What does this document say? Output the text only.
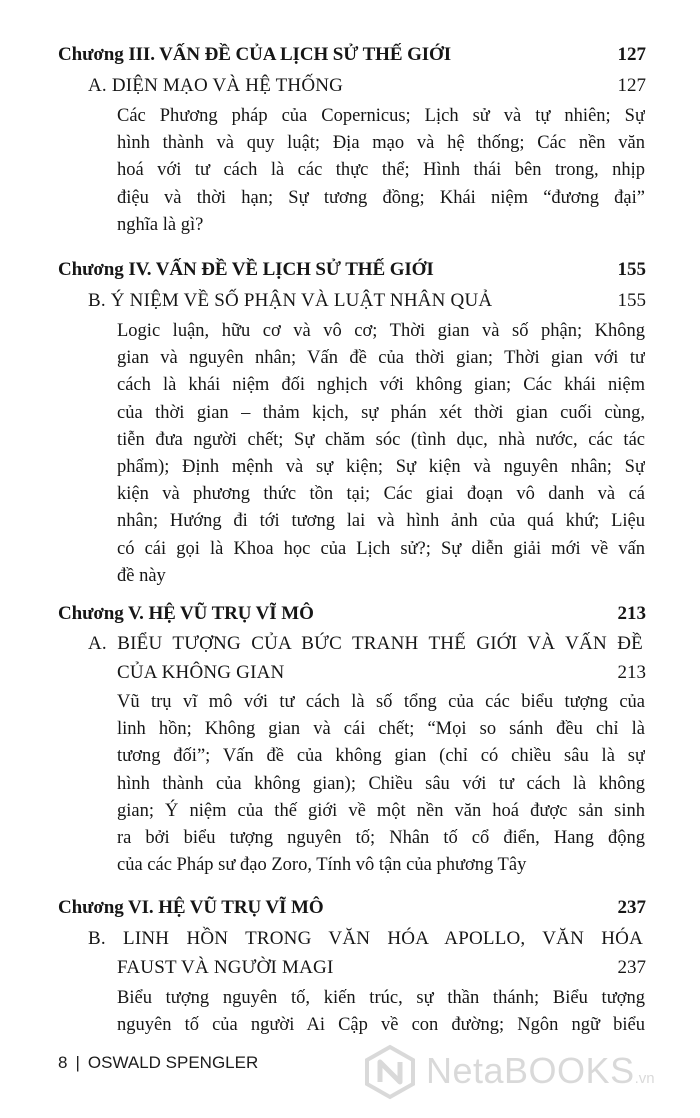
Chương III. VẤN ĐỀ CỦA LỊCH SỬ THẾ GIỚI	127
A. DIỆN MẠO VÀ HỆ THỐNG	127
Các Phương pháp của Copernicus; Lịch sử và tự nhiên; Sự
hình thành và quy luật; Địa mạo và hệ thống; Các nền văn
hoá với tư cách là các thực thể; Hình thái bên trong, nhịp
điệu và thời hạn; Sự tương đồng; Khái niệm “đương đại”
nghĩa là gì?
Chương IV. VẤN ĐỀ VỀ LỊCH SỬ THẾ GIỚI	155
B. Ý NIỆM VỀ SỐ PHẬN VÀ LUẬT NHÂN QUẢ	155
Logic luận, hữu cơ và vô cơ; Thời gian và số phận; Không
gian và nguyên nhân; Vấn đề của thời gian; Thời gian với tư
cách là khái niệm đối nghịch với không gian; Các khái niệm
của thời gian – thảm kịch, sự phán xét thời gian cuối cùng,
tiễn đưa người chết; Sự chăm sóc (tình dục, nhà nước, các tác
phẩm); Định mệnh và sự kiện; Sự kiện và nguyên nhân; Sự
kiện và phương thức tồn tại; Các giai đoạn vô danh và cá
nhân; Hướng đi tới tương lai và hình ảnh của quá khứ; Liệu
có cái gọi là Khoa học của Lịch sử?; Sự diễn giải mới về vấn
đề này
Chương V. HỆ VŨ TRỤ VĨ MÔ	213
A. BIỂU TƯỢNG CỦA BỨC TRANH THẾ GIỚI VÀ VẤN ĐỀ
CỦA KHÔNG GIAN	213
Vũ trụ vĩ mô với tư cách là số tổng của các biểu tượng của
linh hồn; Không gian và cái chết; “Mọi so sánh đều chỉ là
tương đối”; Vấn đề của không gian (chỉ có chiều sâu là sự
hình thành của không gian); Chiều sâu với tư cách là không
gian; Ý niệm của thế giới về một nền văn hoá được sản sinh
ra bởi biểu tượng nguyên tố; Nhân tố cổ điển, Hang động
của các Pháp sư đạo Zoro, Tính vô tận của phương Tây
Chương VI. HỆ VŨ TRỤ VĨ MÔ	237
B. LINH HỒN TRONG VĂN HÓA APOLLO, VĂN HÓA
FAUST VÀ NGƯỜI MAGI	237
Biểu tượng nguyên tố, kiến trúc, sự thần thánh; Biểu tượng
nguyên tố của người Ai Cập về con đường; Ngôn ngữ biểu
8 | OSWALD SPENGLER	NetaBOOKS.vn
